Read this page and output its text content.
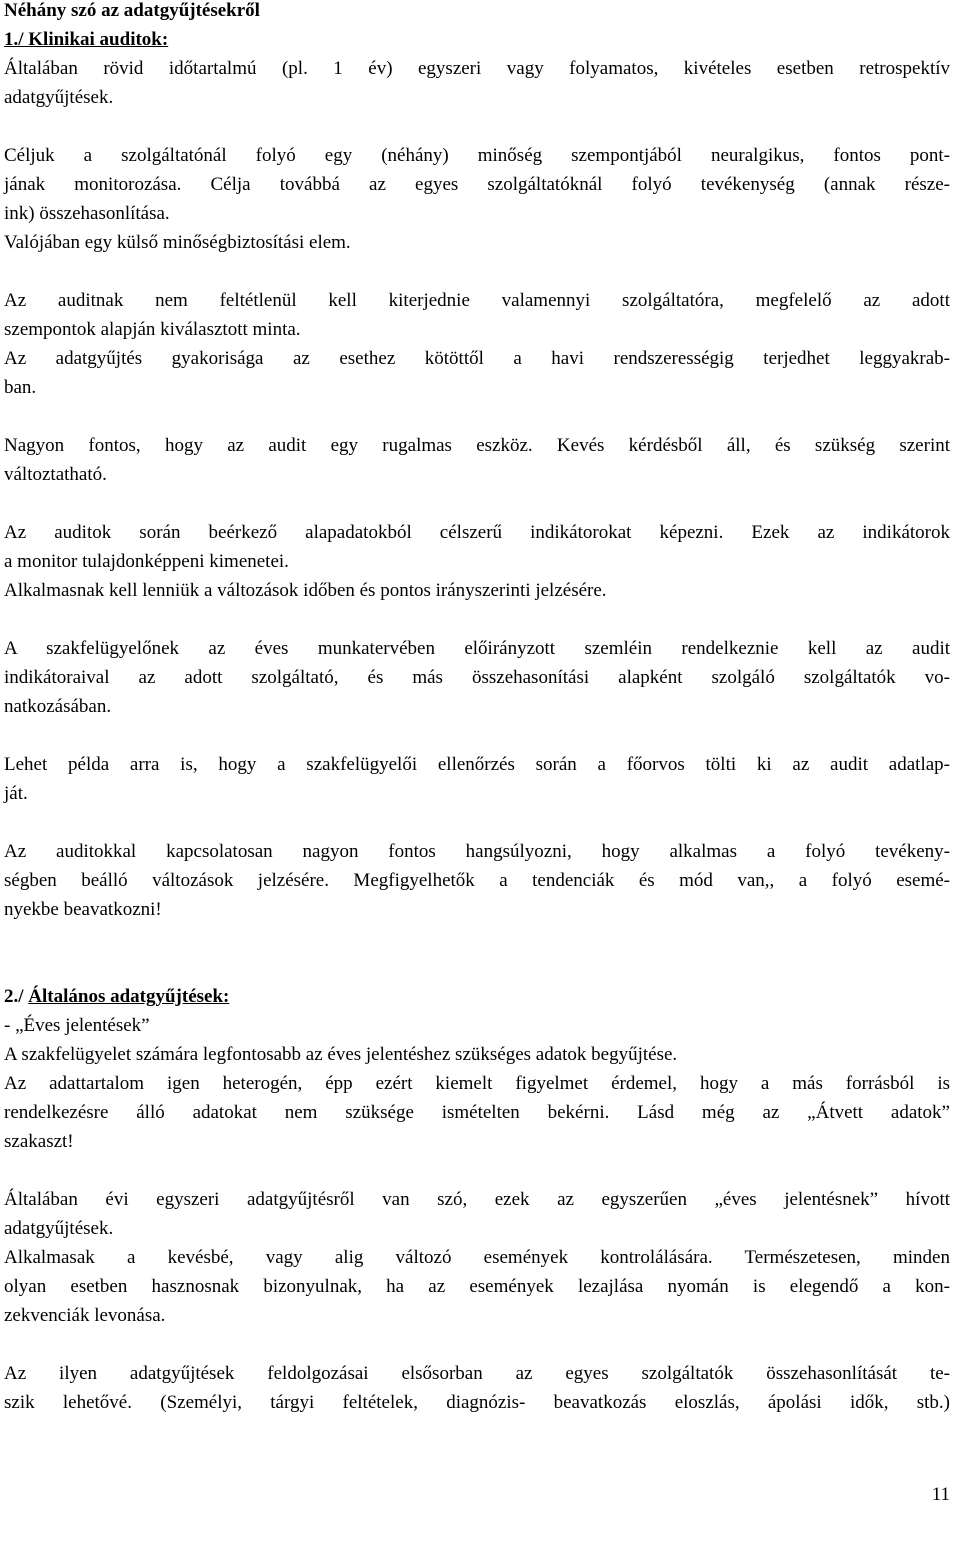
Néhány szó az adatgyűjtésekről
1./ Klinikai auditok:
Általában rövid időtartalmú (pl. 1 év) egyszeri vagy folyamatos, kivételes esetben retrospektív
adatgyűjtések.
Céljuk a szolgáltatónál folyó egy (néhány) minőség szempontjából neuralgikus, fontos pont-
jának monitorozása. Célja továbbá az egyes szolgáltatóknál folyó tevékenység (annak része-
ink) összehasonlítása.
Valójában egy külső minőségbiztosítási elem.
Az auditnak nem feltétlenül kell kiterjednie valamennyi szolgáltatóra, megfelelő az adott
szempontok alapján kiválasztott minta.
Az adatgyűjtés gyakorisága az esethez kötöttől a havi rendszerességig terjedhet leggyakrab-
ban.
Nagyon fontos, hogy az audit egy rugalmas eszköz. Kevés kérdésből áll, és szükség szerint
változtatható.
Az auditok során beérkező alapadatokból célszerű indikátorokat képezni. Ezek az indikátorok
a monitor tulajdonképpeni kimenetei.
Alkalmasnak kell lenniük a változások időben és pontos irányszerinti jelzésére.
A szakfelügyelőnek az éves munkatervében előirányzott szemléin rendelkeznie kell az audit
indikátoraival az adott szolgáltató, és más összehasonítási alapként szolgáló szolgáltatók vo-
natkozásában.
Lehet példa arra is, hogy a szakfelügyelői ellenőrzés során a főorvos tölti ki az audit adatlap-
ját.
Az auditokkal kapcsolatosan nagyon fontos hangsúlyozni, hogy alkalmas a folyó tevékeny-
ségben beálló változások jelzésére. Megfigyelhetők a tendenciák és mód van,, a folyó esemé-
nyekbe beavatkozni!
2./ Általános adatgyűjtések:
- „Éves jelentések”
A szakfelügyelet számára legfontosabb az éves jelentéshez szükséges adatok begyűjtése.
Az adattartalom igen heterogén, épp ezért kiemelt figyelmet érdemel, hogy a más forrásból is
rendelkezésre álló adatokat nem szüksége ismételten bekérni. Lásd még az „Átvett adatok”
szakaszt!
Általában évi egyszeri adatgyűjtésről van szó, ezek az egyszerűen „éves jelentésnek” hívott
adatgyűjtések.
Alkalmasak a kevésbé, vagy alig változó események kontrolálására. Természetesen, minden
olyan esetben hasznosnak bizonyulnak, ha az események lezajlása nyomán is elegendő a kon-
zekvenciák levonása.
Az ilyen adatgyűjtések feldolgozásai elsősorban az egyes szolgáltatók összehasonlítását te-
szik lehetővé. (Személyi, tárgyi feltételek, diagnózis- beavatkozás eloszlás, ápolási idők, stb.)
11
